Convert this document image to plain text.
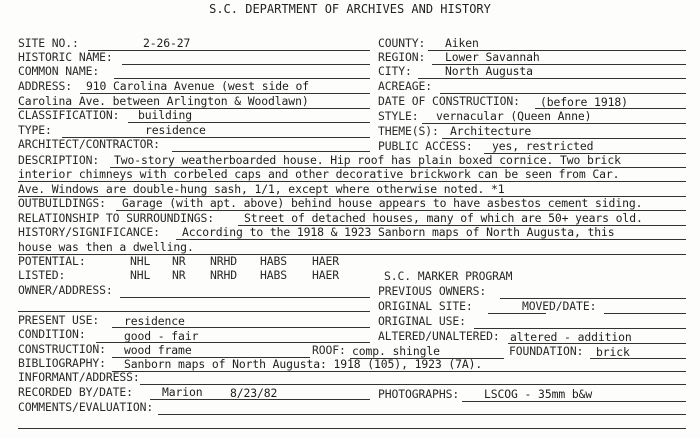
S.C. DEPARTMENT OF ARCHIVES AND HISTORY
SITE NO.:	2-26-27	COUNTY: Aiken
HISTORIC NAME:	REGION: Lower Savannah
COMMON NAME:	CITY:	North Augusta
ADDRESS: 910 Carolina Avenue (west side of	ACREAGE:
Carolina Ave. between Arlington & Woodlawn)	DATE OF CONSTRUCTION: (before 1918)
CLASSIFICATION: building	STYLE: vernacular (Queen Anne)
TYPE:	residence	THEME(S): Architecture
ARCHITECT/CONTRACTOR:	PUBLIC ACCESS: yes, restricted
DESCRIPTION: Two-story weatherboarded house. Hip roof has plain boxed cornice. Two brick
interior chimneys with corbeled caps and other decorative brickwork can be seen from Car.
Ave. Windows are double-hung sash, 1/1, except where otherwise noted. *1
OUTBUILDINGS: Garage (with apt. above) behind house appears to have asbestos cement siding.
RELATIONSHIP TO SURROUNDINGS:	Street of detached houses, many of which are 50+ years old.
HISTORY/SIGNIFICANCE: According to the 1918 & 1923 Sanborn maps of North Augusta, this
house was then a dwelling.
POTENTIAL:	NHL NR NRHD HABS HAER
LISTED:	NHL NR NRHD HABS HAER	S.C. MARKER PROGRAM
OWNER/ADDRESS:	PREVIOUS OWNERS:
ORIGINAL SITE:	MOVED/DATE:
PRESENT USE: residence	ORIGINAL USE:
CONDITION:	good - fair	ALTERED/UNALTERED: altered - addition
CONSTRUCTION: wood frame	ROOF: comp. shingle	FOUNDATION: brick
BIBLIOGRAPHY: Sanborn maps of North Augusta: 1918 (105), 1923 (7A).
INFORMANT/ADDRESS:
RECORDED BY/DATE:	Marion 8/23/82	PHOTOGRAPHS: LSCOG - 35mm b&w
COMMENTS/EVALUATION:
